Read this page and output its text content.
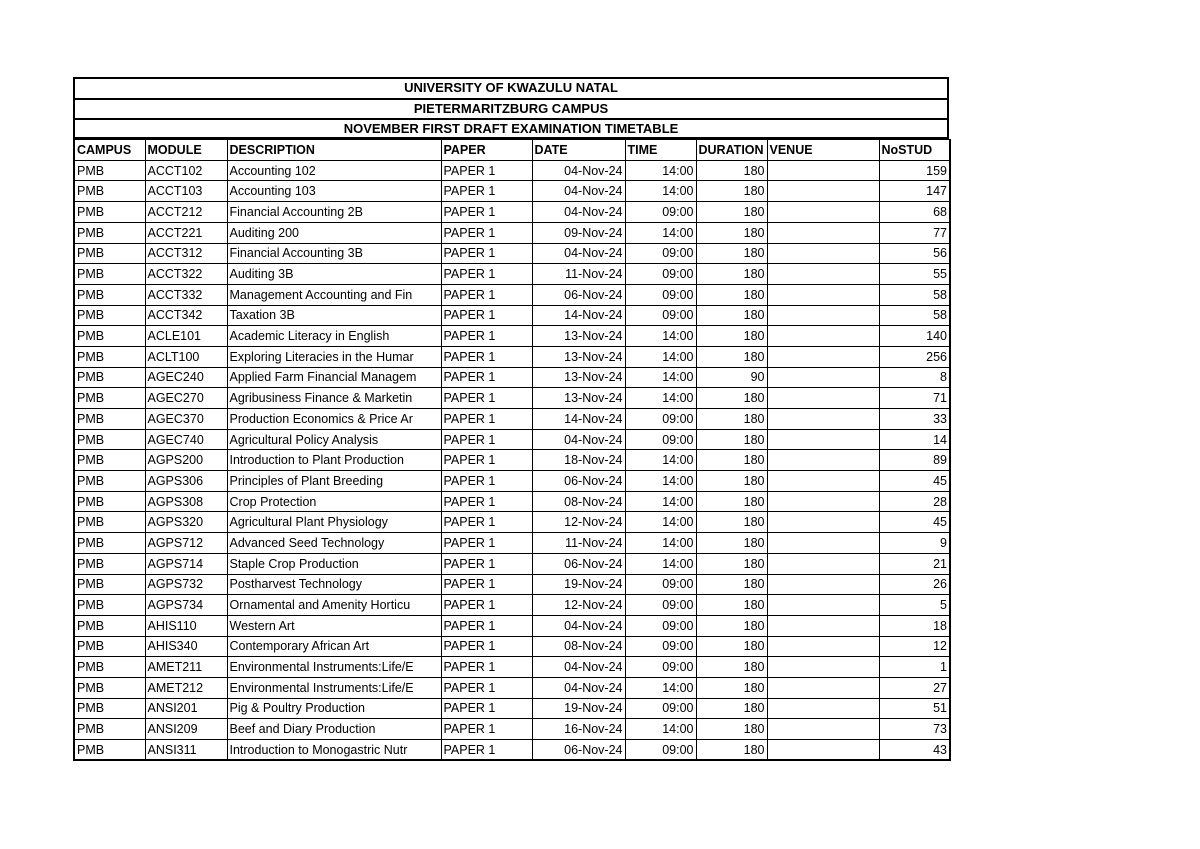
UNIVERSITY OF KWAZULU NATAL
PIETERMARITZBURG CAMPUS
NOVEMBER FIRST DRAFT EXAMINATION TIMETABLE
CAMPUS	MODULE	DESCRIPTION	PAPER	DATE	TIME	DURATION	VENUE	NoSTUD
PMB	ACCT102	Accounting 102	PAPER 1	04-Nov-24	14:00	180		159
PMB	ACCT103	Accounting 103	PAPER 1	04-Nov-24	14:00	180		147
PMB	ACCT212	Financial Accounting 2B	PAPER 1	04-Nov-24	09:00	180		68
PMB	ACCT221	Auditing 200	PAPER 1	09-Nov-24	14:00	180		77
PMB	ACCT312	Financial Accounting 3B	PAPER 1	04-Nov-24	09:00	180		56
PMB	ACCT322	Auditing 3B	PAPER 1	11-Nov-24	09:00	180		55
PMB	ACCT332	Management Accounting and Fin	PAPER 1	06-Nov-24	09:00	180		58
PMB	ACCT342	Taxation 3B	PAPER 1	14-Nov-24	09:00	180		58
PMB	ACLE101	Academic Literacy in English	PAPER 1	13-Nov-24	14:00	180		140
PMB	ACLT100	Exploring Literacies in the Humar	PAPER 1	13-Nov-24	14:00	180		256
PMB	AGEC240	Applied Farm Financial Managem	PAPER 1	13-Nov-24	14:00	90		8
PMB	AGEC270	Agribusiness Finance & Marketin	PAPER 1	13-Nov-24	14:00	180		71
PMB	AGEC370	Production Economics & Price Ar	PAPER 1	14-Nov-24	09:00	180		33
PMB	AGEC740	Agricultural Policy Analysis	PAPER 1	04-Nov-24	09:00	180		14
PMB	AGPS200	Introduction to Plant Production	PAPER 1	18-Nov-24	14:00	180		89
PMB	AGPS306	Principles of Plant Breeding	PAPER 1	06-Nov-24	14:00	180		45
PMB	AGPS308	Crop Protection	PAPER 1	08-Nov-24	14:00	180		28
PMB	AGPS320	Agricultural Plant Physiology	PAPER 1	12-Nov-24	14:00	180		45
PMB	AGPS712	Advanced Seed Technology	PAPER 1	11-Nov-24	14:00	180		9
PMB	AGPS714	Staple Crop Production	PAPER 1	06-Nov-24	14:00	180		21
PMB	AGPS732	Postharvest Technology	PAPER 1	19-Nov-24	09:00	180		26
PMB	AGPS734	Ornamental and Amenity Horticu	PAPER 1	12-Nov-24	09:00	180		5
PMB	AHIS110	Western Art	PAPER 1	04-Nov-24	09:00	180		18
PMB	AHIS340	Contemporary African Art	PAPER 1	08-Nov-24	09:00	180		12
PMB	AMET211	Environmental Instruments:Life/E	PAPER 1	04-Nov-24	09:00	180		1
PMB	AMET212	Environmental Instruments:Life/E	PAPER 1	04-Nov-24	14:00	180		27
PMB	ANSI201	Pig & Poultry Production	PAPER 1	19-Nov-24	09:00	180		51
PMB	ANSI209	Beef and Diary Production	PAPER 1	16-Nov-24	14:00	180		73
PMB	ANSI311	Introduction to Monogastric Nutr	PAPER 1	06-Nov-24	09:00	180		43
